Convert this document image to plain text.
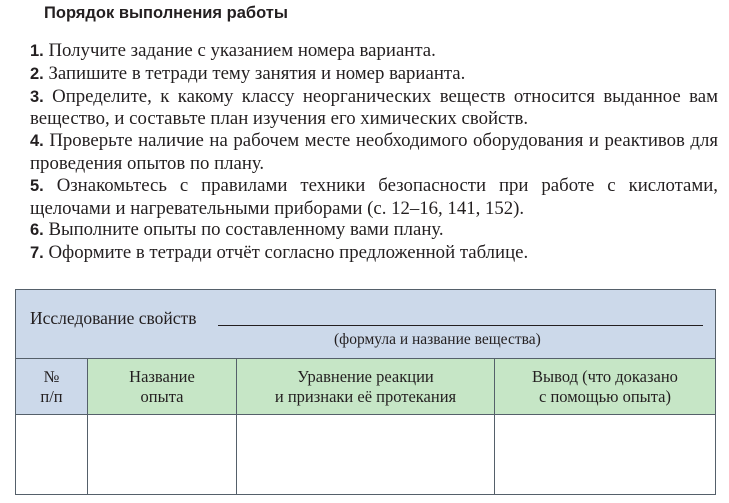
Порядок выполнения работы
1. Получите задание с указанием номера варианта.
2. Запишите в тетради тему занятия и номер варианта.
3. Определите, к какому классу неорганических веществ относится выданное вам вещество, и составьте план изучения его химических свойств.
4. Проверьте наличие на рабочем месте необходимого оборудования и реактивов для проведения опытов по плану.
5. Ознакомьтесь с правилами техники безопасности при работе с кислотами, щелочами и нагревательными приборами (с. 12–16, 141, 152).
6. Выполните опыты по составленному вами плану.
7. Оформите в тетради отчёт согласно предложенной таблице.
Исследование свойств
(формула и название вещества)
№
п/п
Название
опыта
Уравнение реакции
и признаки её протекания
Вывод (что доказано
с помощью опыта)
